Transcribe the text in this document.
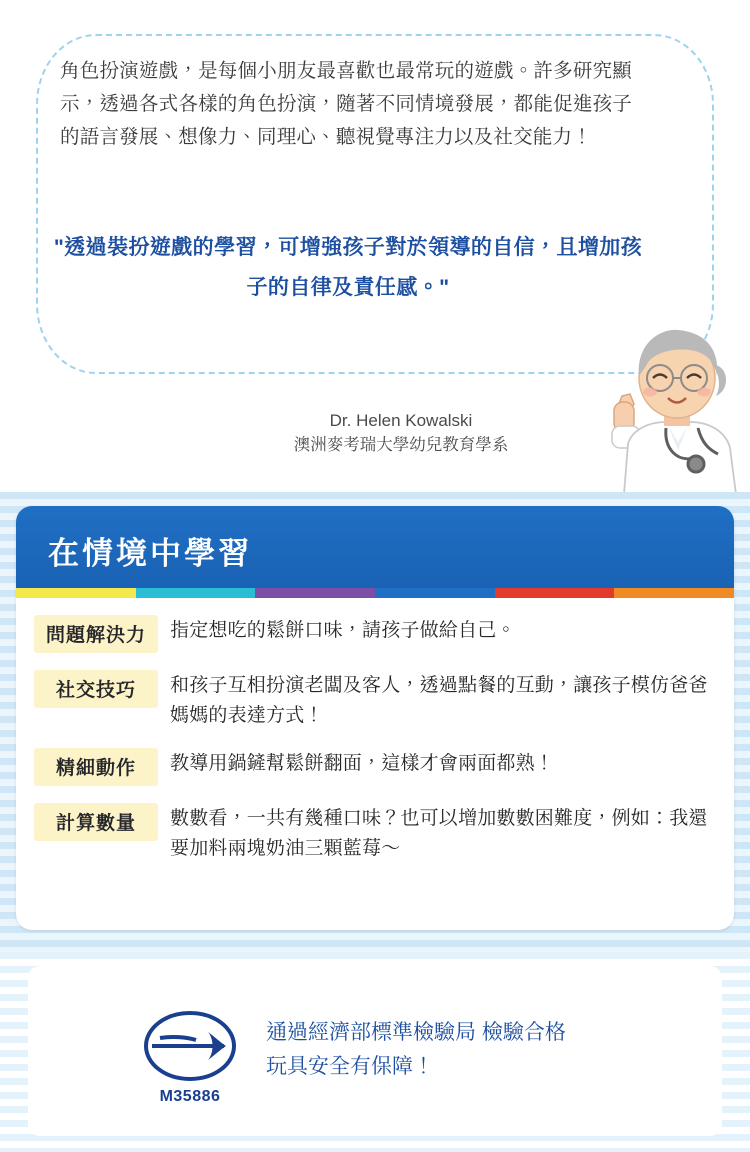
角色扮演遊戲，是每個小朋友最喜歡也最常玩的遊戲。許多研究顯示，透過各式各樣的角色扮演，隨著不同情境發展，都能促進孩子的語言發展、想像力、同理心、聽視覺專注力以及社交能力！
"透過裝扮遊戲的學習，可增強孩子對於領導的自信，且增加孩子的自律及責任感。"
Dr. Helen Kowalski
澳洲麥考瑞大學幼兒教育學系
在情境中學習
問題解決力	指定想吃的鬆餅口味，請孩子做給自己。
社交技巧	和孩子互相扮演老闆及客人，透過點餐的互動，讓孩子模仿爸爸媽媽的表達方式！
精細動作	教導用鍋鏟幫鬆餅翻面，這樣才會兩面都熟！
計算數量	數數看，一共有幾種口味？也可以增加數數困難度，例如：我還要加料兩塊奶油三顆藍莓～
M35886
通過經濟部標準檢驗局 檢驗合格
玩具安全有保障！
